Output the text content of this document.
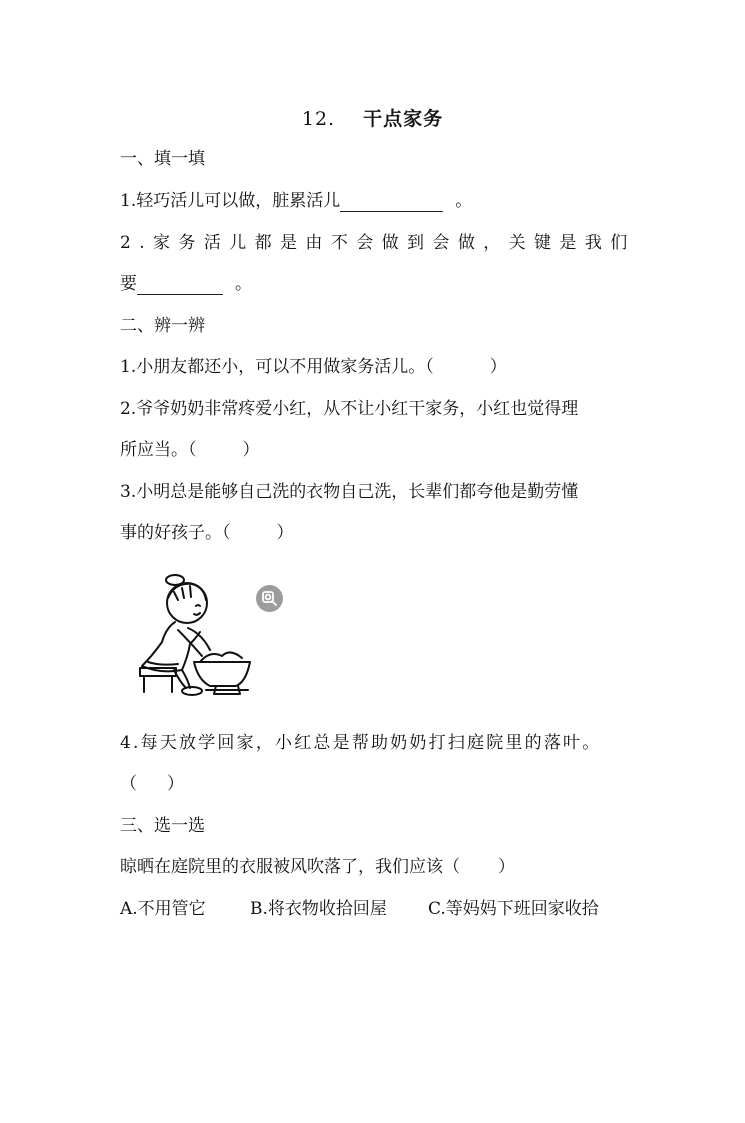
12. 干点家务
一、填一填
1.轻巧活儿可以做，脏累活儿	。
2.家务活儿都是由不会做到会做，关键是我们
要	。
二、辨一辨
1.小朋友都还小，可以不用做家务活儿。（	）
2.爷爷奶奶非常疼爱小红，从不让小红干家务，小红也觉得理
所应当。（	）
3.小明总是能够自己洗的衣物自己洗，长辈们都夸他是勤劳懂
事的好孩子。（	）
4.每天放学回家，小红总是帮助奶奶打扫庭院里的落叶。
（ ）
三、选一选
晾晒在庭院里的衣服被风吹落了，我们应该（ ）
A.不用管它	B.将衣物收拾回屋 C.等妈妈下班回家收拾
